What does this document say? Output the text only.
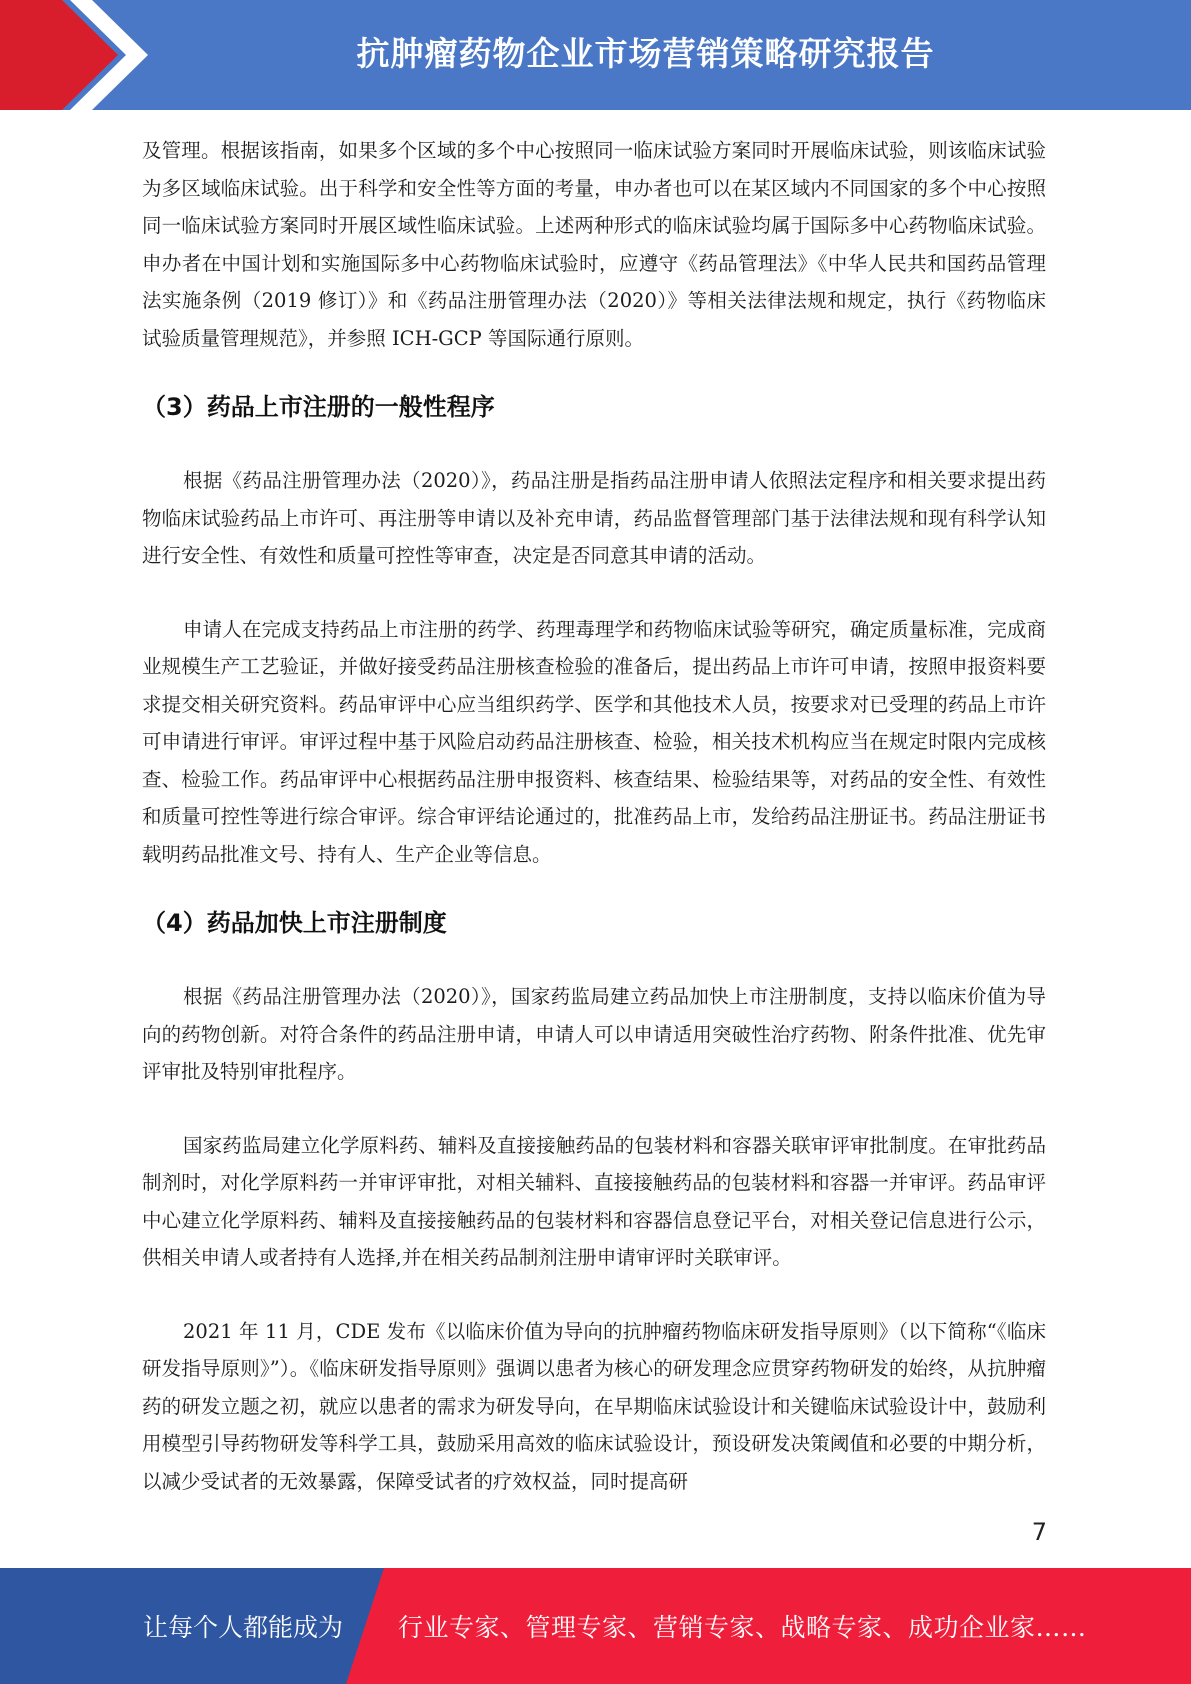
抗肿瘤药物企业市场营销策略研究报告

及管理。根据该指南，如果多个区域的多个中心按照同一临床试验方案同时开展临床试验，则该临床试验为多区域临床试验。出于科学和安全性等方面的考量，申办者也可以在某区域内不同国家的多个中心按照同一临床试验方案同时开展区域性临床试验。上述两种形式的临床试验均属于国际多中心药物临床试验。申办者在中国计划和实施国际多中心药物临床试验时，应遵守《药品管理法》《中华人民共和国药品管理法实施条例（2019 修订）》和《药品注册管理办法（2020）》等相关法律法规和规定，执行《药物临床试验质量管理规范》，并参照 ICH-GCP 等国际通行原则。

（3）药品上市注册的一般性程序

根据《药品注册管理办法（2020）》，药品注册是指药品注册申请人依照法定程序和相关要求提出药物临床试验药品上市许可、再注册等申请以及补充申请，药品监督管理部门基于法律法规和现有科学认知进行安全性、有效性和质量可控性等审查，决定是否同意其申请的活动。

申请人在完成支持药品上市注册的药学、药理毒理学和药物临床试验等研究，确定质量标准，完成商业规模生产工艺验证，并做好接受药品注册核查检验的准备后，提出药品上市许可申请，按照申报资料要求提交相关研究资料。药品审评中心应当组织药学、医学和其他技术人员，按要求对已受理的药品上市许可申请进行审评。审评过程中基于风险启动药品注册核查、检验，相关技术机构应当在规定时限内完成核查、检验工作。药品审评中心根据药品注册申报资料、核查结果、检验结果等，对药品的安全性、有效性和质量可控性等进行综合审评。综合审评结论通过的，批准药品上市，发给药品注册证书。药品注册证书载明药品批准文号、持有人、生产企业等信息。

（4）药品加快上市注册制度

根据《药品注册管理办法（2020）》，国家药监局建立药品加快上市注册制度，支持以临床价值为导向的药物创新。对符合条件的药品注册申请，申请人可以申请适用突破性治疗药物、附条件批准、优先审评审批及特别审批程序。

国家药监局建立化学原料药、辅料及直接接触药品的包装材料和容器关联审评审批制度。在审批药品制剂时，对化学原料药一并审评审批，对相关辅料、直接接触药品的包装材料和容器一并审评。药品审评中心建立化学原料药、辅料及直接接触药品的包装材料和容器信息登记平台，对相关登记信息进行公示，供相关申请人或者持有人选择,并在相关药品制剂注册申请审评时关联审评。

2021 年 11 月，CDE 发布《以临床价值为导向的抗肿瘤药物临床研发指导原则》（以下简称“《临床研发指导原则》”）。《临床研发指导原则》强调以患者为核心的研发理念应贯穿药物研发的始终，从抗肿瘤药的研发立题之初，就应以患者的需求为研发导向，在早期临床试验设计和关键临床试验设计中，鼓励利用模型引导药物研发等科学工具，鼓励采用高效的临床试验设计，预设研发决策阈值和必要的中期分析，以减少受试者的无效暴露，保障受试者的疗效权益，同时提高研

7
让每个人都能成为 行业专家、管理专家、营销专家、战略专家、成功企业家……
